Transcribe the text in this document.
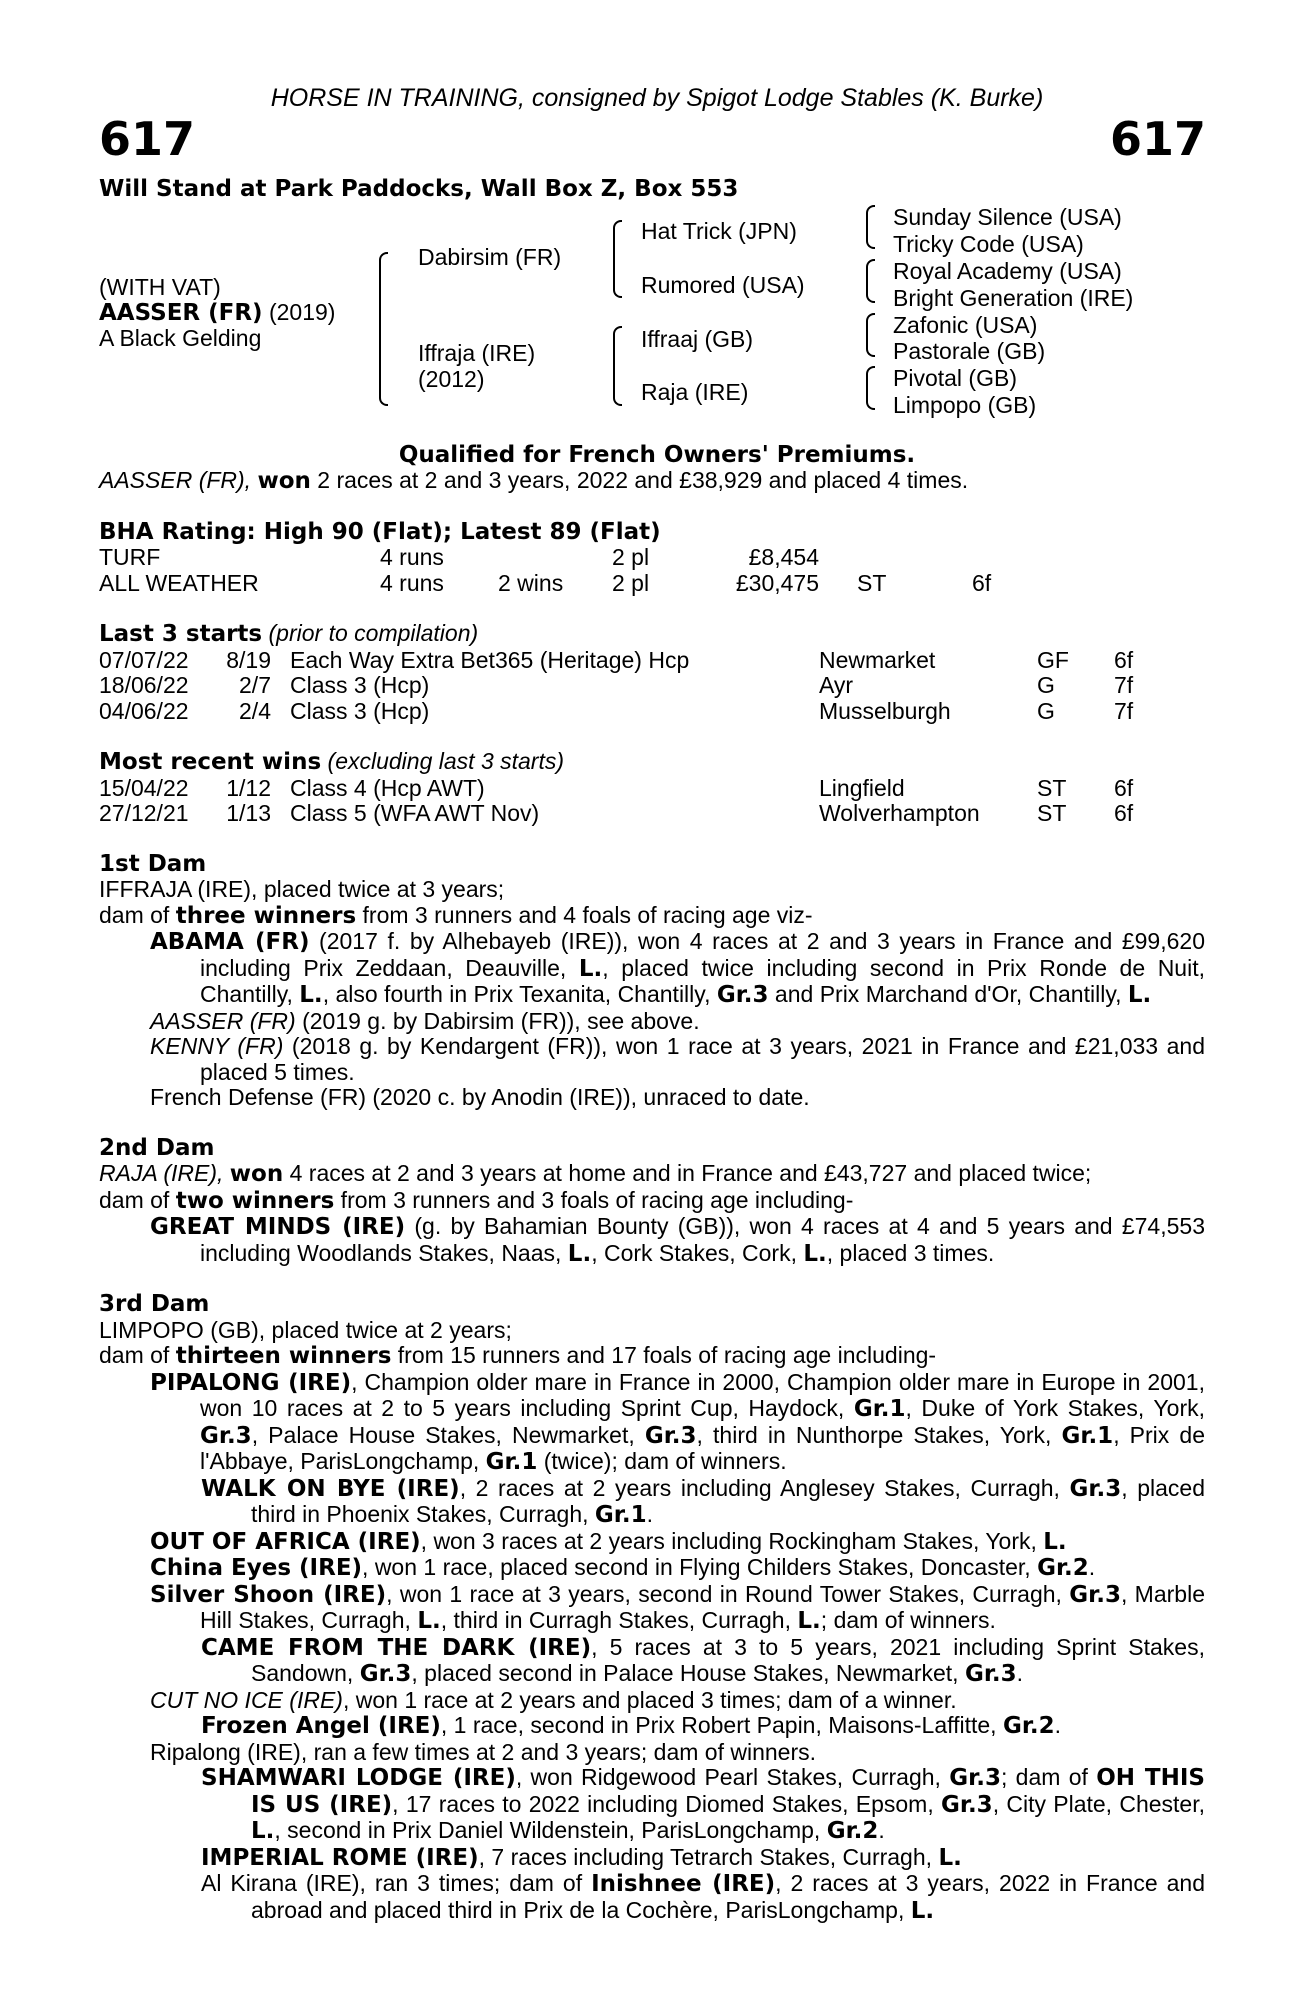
HORSE IN TRAINING, consigned by Spigot Lodge Stables (K. Burke)
617	617
Will Stand at Park Paddocks, Wall Box Z, Box 553
(WITH VAT)
AASSER (FR) (2019)
A Black Gelding
Dabirsim (FR)
Iffraja (IRE)
(2012)
Hat Trick (JPN)
Rumored (USA)
Iffraaj (GB)
Raja (IRE)
Sunday Silence (USA)
Tricky Code (USA)
Royal Academy (USA)
Bright Generation (IRE)
Zafonic (USA)
Pastorale (GB)
Pivotal (GB)
Limpopo (GB)
Qualified for French Owners' Premiums.
AASSER (FR), won 2 races at 2 and 3 years, 2022 and £38,929 and placed 4 times.
BHA Rating: High 90 (Flat); Latest 89 (Flat)
TURF	4 runs	2 pl	£8,454
ALL WEATHER	4 runs 2 wins 2 pl	£30,475 ST	6f
Last 3 starts (prior to compilation)
07/07/22	8/19 Each Way Extra Bet365 (Heritage) Hcp	Newmarket	GF 6f
18/06/22	2/7 Class 3 (Hcp)	Ayr	G	7f
04/06/22	2/4 Class 3 (Hcp)	Musselburgh	G	7f
Most recent wins (excluding last 3 starts)
15/04/22	1/12 Class 4 (Hcp AWT)	Lingfield	ST 6f
27/12/21	1/13 Class 5 (WFA AWT Nov)	Wolverhampton ST 6f
1st Dam
IFFRAJA (IRE), placed twice at 3 years;
dam of three winners from 3 runners and 4 foals of racing age viz-
ABAMA (FR) (2017 f. by Alhebayeb (IRE)), won 4 races at 2 and 3 years in France and £99,620 including Prix Zeddaan, Deauville, L., placed twice including second in Prix Ronde de Nuit, Chantilly, L., also fourth in Prix Texanita, Chantilly, Gr.3 and Prix Marchand d'Or, Chantilly, L.
AASSER (FR) (2019 g. by Dabirsim (FR)), see above.
KENNY (FR) (2018 g. by Kendargent (FR)), won 1 race at 3 years, 2021 in France and £21,033 and placed 5 times.
French Defense (FR) (2020 c. by Anodin (IRE)), unraced to date.
2nd Dam
RAJA (IRE), won 4 races at 2 and 3 years at home and in France and £43,727 and placed twice;
dam of two winners from 3 runners and 3 foals of racing age including-
GREAT MINDS (IRE) (g. by Bahamian Bounty (GB)), won 4 races at 4 and 5 years and £74,553 including Woodlands Stakes, Naas, L., Cork Stakes, Cork, L., placed 3 times.
3rd Dam
LIMPOPO (GB), placed twice at 2 years;
dam of thirteen winners from 15 runners and 17 foals of racing age including-
PIPALONG (IRE), Champion older mare in France in 2000, Champion older mare in Europe in 2001, won 10 races at 2 to 5 years including Sprint Cup, Haydock, Gr.1, Duke of York Stakes, York, Gr.3, Palace House Stakes, Newmarket, Gr.3, third in Nunthorpe Stakes, York, Gr.1, Prix de l'Abbaye, ParisLongchamp, Gr.1 (twice); dam of winners.
WALK ON BYE (IRE), 2 races at 2 years including Anglesey Stakes, Curragh, Gr.3, placed third in Phoenix Stakes, Curragh, Gr.1.
OUT OF AFRICA (IRE), won 3 races at 2 years including Rockingham Stakes, York, L.
China Eyes (IRE), won 1 race, placed second in Flying Childers Stakes, Doncaster, Gr.2.
Silver Shoon (IRE), won 1 race at 3 years, second in Round Tower Stakes, Curragh, Gr.3, Marble Hill Stakes, Curragh, L., third in Curragh Stakes, Curragh, L.; dam of winners.
CAME FROM THE DARK (IRE), 5 races at 3 to 5 years, 2021 including Sprint Stakes, Sandown, Gr.3, placed second in Palace House Stakes, Newmarket, Gr.3.
CUT NO ICE (IRE), won 1 race at 2 years and placed 3 times; dam of a winner.
Frozen Angel (IRE), 1 race, second in Prix Robert Papin, Maisons-Laffitte, Gr.2.
Ripalong (IRE), ran a few times at 2 and 3 years; dam of winners.
SHAMWARI LODGE (IRE), won Ridgewood Pearl Stakes, Curragh, Gr.3; dam of OH THIS IS US (IRE), 17 races to 2022 including Diomed Stakes, Epsom, Gr.3, City Plate, Chester, L., second in Prix Daniel Wildenstein, ParisLongchamp, Gr.2.
IMPERIAL ROME (IRE), 7 races including Tetrarch Stakes, Curragh, L.
Al Kirana (IRE), ran 3 times; dam of Inishnee (IRE), 2 races at 3 years, 2022 in France and abroad and placed third in Prix de la Cochère, ParisLongchamp, L.
